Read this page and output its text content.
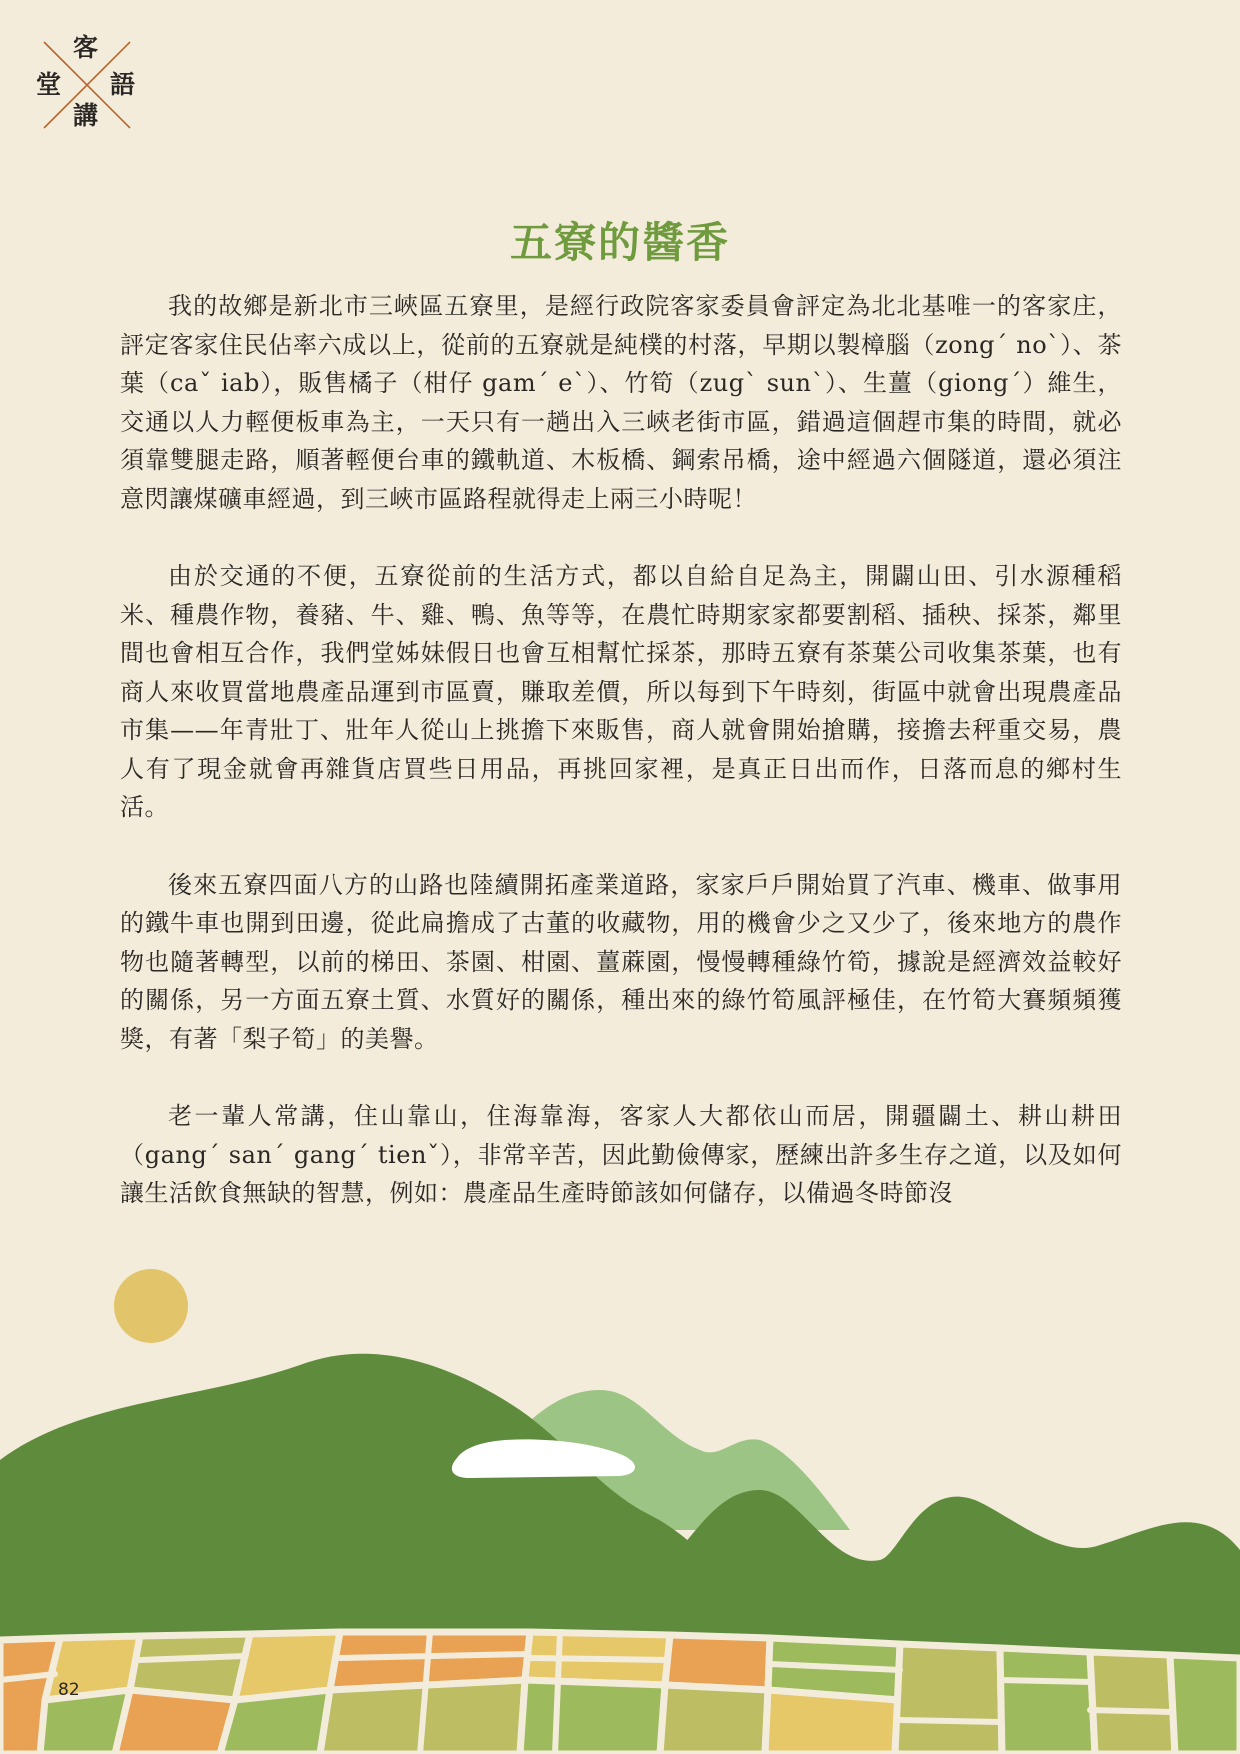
客
堂 語
講
五寮的醬香

我的故鄉是新北市三峽區五寮里，是經行政院客家委員會評定為北北基唯一的客家庄，評定客家住民佔率六成以上，從前的五寮就是純樸的村落，早期以製樟腦（zongˊ noˋ）、茶葉（caˇ iab），販售橘子（柑仔 gamˊ eˋ）、竹筍（zugˋ sunˋ）、生薑（giongˊ）維生，交通以人力輕便板車為主，一天只有一趟出入三峽老街市區，錯過這個趕市集的時間，就必須靠雙腿走路，順著輕便台車的鐵軌道、木板橋、鋼索吊橋，途中經過六個隧道，還必須注意閃讓煤礦車經過，到三峽市區路程就得走上兩三小時呢！

由於交通的不便，五寮從前的生活方式，都以自給自足為主，開闢山田、引水源種稻米、種農作物，養豬、牛、雞、鴨、魚等等，在農忙時期家家都要割稻、插秧、採茶，鄰里間也會相互合作，我們堂姊妹假日也會互相幫忙採茶，那時五寮有茶葉公司收集茶葉，也有商人來收買當地農產品運到市區賣，賺取差價，所以每到下午時刻，街區中就會出現農產品市集——年青壯丁、壯年人從山上挑擔下來販售，商人就會開始搶購，接擔去秤重交易，農人有了現金就會再雜貨店買些日用品，再挑回家裡，是真正日出而作，日落而息的鄉村生活。

後來五寮四面八方的山路也陸續開拓產業道路，家家戶戶開始買了汽車、機車、做事用的鐵牛車也開到田邊，從此扁擔成了古董的收藏物，用的機會少之又少了，後來地方的農作物也隨著轉型，以前的梯田、茶園、柑園、薑蔴園，慢慢轉種綠竹筍，據說是經濟效益較好的關係，另一方面五寮土質、水質好的關係，種出來的綠竹筍風評極佳，在竹筍大賽頻頻獲獎，有著「梨子筍」的美譽。

老一輩人常講，住山靠山，住海靠海，客家人大都依山而居，開疆闢土、耕山耕田（gangˊ sanˊ gangˊ tienˇ），非常辛苦，因此勤儉傳家，歷練出許多生存之道，以及如何讓生活飲食無缺的智慧，例如：農產品生產時節該如何儲存，以備過冬時節沒

82
